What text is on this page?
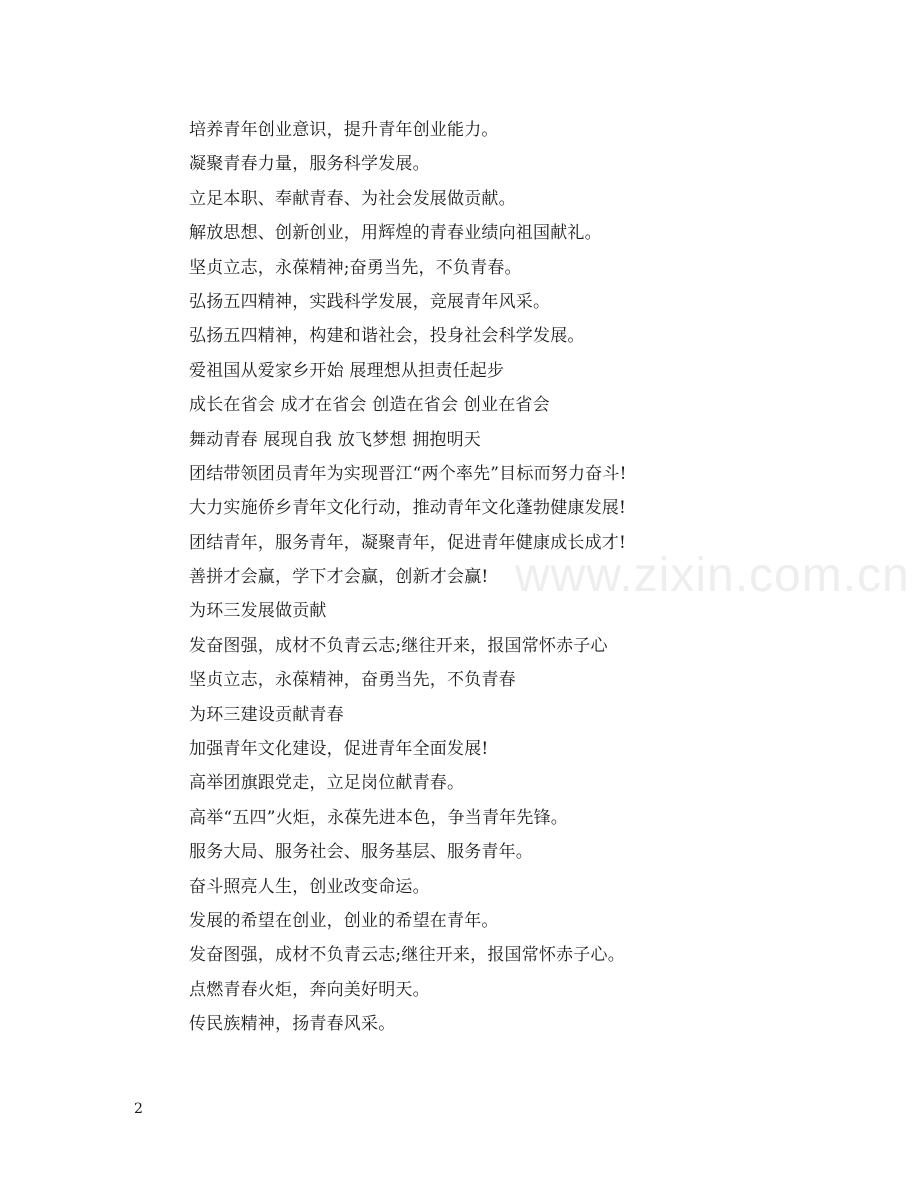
培养青年创业意识，提升青年创业能力。
凝聚青春力量，服务科学发展。
立足本职、奉献青春、为社会发展做贡献。
解放思想、创新创业，用辉煌的青春业绩向祖国献礼。
坚贞立志，永葆精神;奋勇当先，不负青春。
弘扬五四精神，实践科学发展，竞展青年风采。
弘扬五四精神，构建和谐社会，投身社会科学发展。
爱祖国从爱家乡开始 展理想从担责任起步
成长在省会 成才在省会 创造在省会 创业在省会
舞动青春 展现自我 放飞梦想 拥抱明天
团结带领团员青年为实现晋江“两个率先”目标而努力奋斗!
大力实施侨乡青年文化行动，推动青年文化蓬勃健康发展!
团结青年，服务青年，凝聚青年，促进青年健康成长成才!
善拼才会赢，学下才会赢，创新才会赢!
为环三发展做贡献
发奋图强，成材不负青云志;继往开来，报国常怀赤子心
坚贞立志，永葆精神，奋勇当先，不负青春
为环三建设贡献青春
加强青年文化建设，促进青年全面发展!
高举团旗跟党走，立足岗位献青春。
高举“五四”火炬，永葆先进本色，争当青年先锋。
服务大局、服务社会、服务基层、服务青年。
奋斗照亮人生，创业改变命运。
发展的希望在创业，创业的希望在青年。
发奋图强，成材不负青云志;继往开来，报国常怀赤子心。
点燃青春火炬，奔向美好明天。
传民族精神，扬青春风采。
www.zixin.com.cn
2
